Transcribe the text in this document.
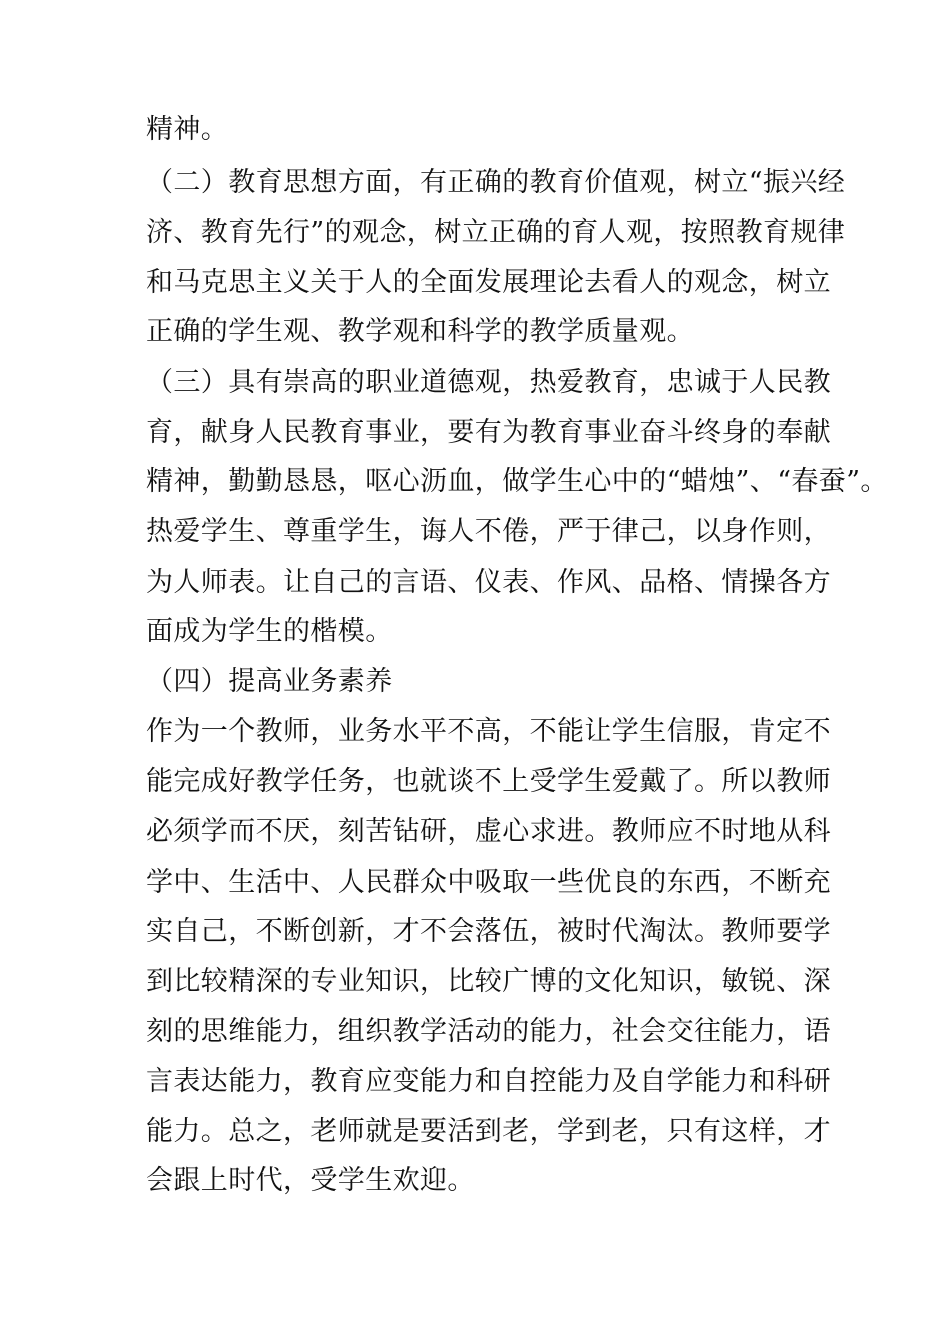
精神。

（二）教育思想方面，有正确的教育价值观，树立“振兴经

济、教育先行”的观念，树立正确的育人观，按照教育规律

和马克思主义关于人的全面发展理论去看人的观念，树立

正确的学生观、教学观和科学的教学质量观。

（三）具有崇高的职业道德观，热爱教育，忠诚于人民教

育，献身人民教育事业，要有为教育事业奋斗终身的奉献

精神，勤勤恳恳，呕心沥血，做学生心中的“蜡烛”、“春蚕”。

热爱学生、尊重学生，诲人不倦，严于律己，以身作则，

为人师表。让自己的言语、仪表、作风、品格、情操各方

面成为学生的楷模。

（四）提高业务素养

作为一个教师，业务水平不高，不能让学生信服，肯定不

能完成好教学任务，也就谈不上受学生爱戴了。所以教师

必须学而不厌，刻苦钻研，虚心求进。教师应不时地从科

学中、生活中、人民群众中吸取一些优良的东西，不断充

实自己，不断创新，才不会落伍，被时代淘汰。教师要学

到比较精深的专业知识，比较广博的文化知识，敏锐、深

刻的思维能力，组织教学活动的能力，社会交往能力，语

言表达能力，教育应变能力和自控能力及自学能力和科研

能力。总之，老师就是要活到老，学到老，只有这样，才

会跟上时代，受学生欢迎。
